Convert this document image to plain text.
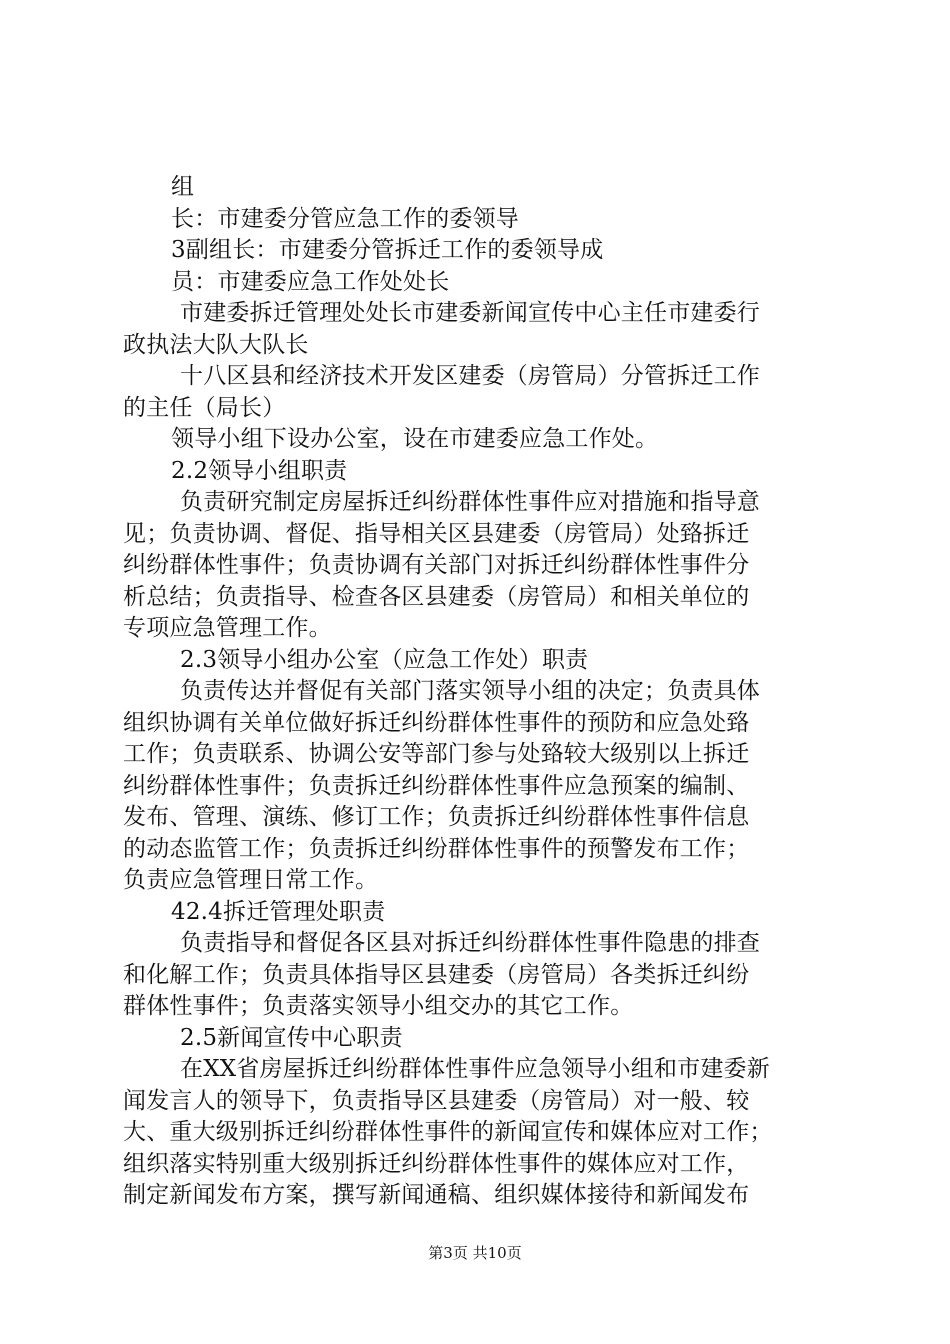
组
长：市建委分管应急工作的委领导
3副组长：市建委分管拆迁工作的委领导成
员：市建委应急工作处处长
市建委拆迁管理处处长市建委新闻宣传中心主任市建委行
政执法大队大队长
十八区县和经济技术开发区建委（房管局）分管拆迁工作
的主任（局长）
领导小组下设办公室，设在市建委应急工作处。
2.2领导小组职责
负责研究制定房屋拆迁纠纷群体性事件应对措施和指导意
见；负责协调、督促、指导相关区县建委（房管局）处臵拆迁
纠纷群体性事件；负责协调有关部门对拆迁纠纷群体性事件分
析总结；负责指导、检查各区县建委（房管局）和相关单位的
专项应急管理工作。
2.3领导小组办公室（应急工作处）职责
负责传达并督促有关部门落实领导小组的决定；负责具体
组织协调有关单位做好拆迁纠纷群体性事件的预防和应急处臵
工作；负责联系、协调公安等部门参与处臵较大级别以上拆迁
纠纷群体性事件；负责拆迁纠纷群体性事件应急预案的编制、
发布、管理、演练、修订工作；负责拆迁纠纷群体性事件信息
的动态监管工作；负责拆迁纠纷群体性事件的预警发布工作；
负责应急管理日常工作。
42.4拆迁管理处职责
负责指导和督促各区县对拆迁纠纷群体性事件隐患的排查
和化解工作；负责具体指导区县建委（房管局）各类拆迁纠纷
群体性事件；负责落实领导小组交办的其它工作。
2.5新闻宣传中心职责
在XX省房屋拆迁纠纷群体性事件应急领导小组和市建委新
闻发言人的领导下，负责指导区县建委（房管局）对一般、较
大、重大级别拆迁纠纷群体性事件的新闻宣传和媒体应对工作；
组织落实特别重大级别拆迁纠纷群体性事件的媒体应对工作，
制定新闻发布方案，撰写新闻通稿、组织媒体接待和新闻发布
第3页 共10页
